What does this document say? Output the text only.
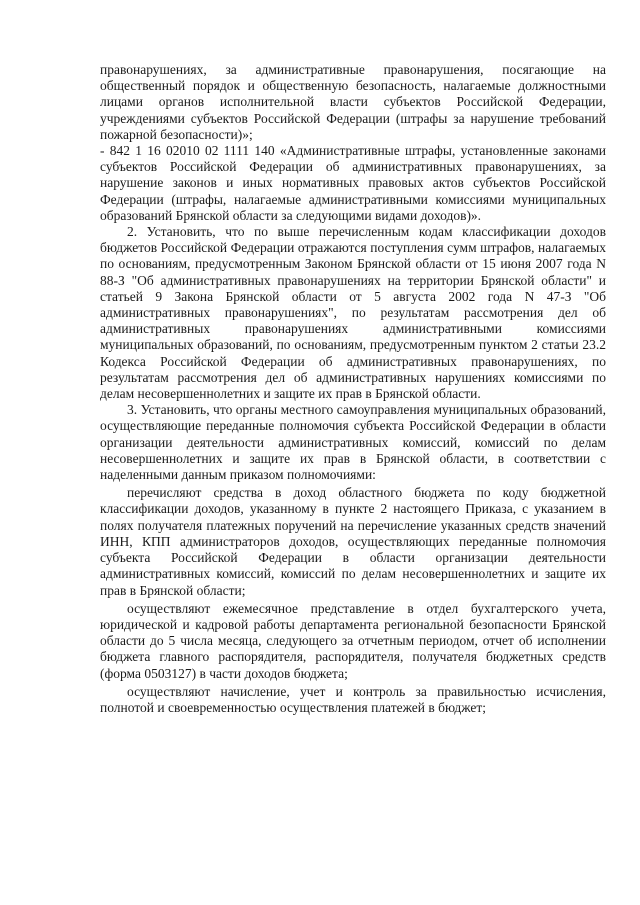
правонарушениях, за административные правонарушения, посягающие на общественный порядок и общественную безопасность, налагаемые должностными лицами органов исполнительной власти субъектов Российской Федерации, учреждениями субъектов Российской Федерации (штрафы за нарушение требований пожарной безопасности)»;

- 842 1 16 02010 02 1111 140 «Административные штрафы, установленные законами субъектов Российской Федерации об административных правонарушениях, за нарушение законов и иных нормативных правовых актов субъектов Российской Федерации (штрафы, налагаемые административными комиссиями муниципальных образований Брянской области за следующими видами доходов)».

2. Установить, что по выше перечисленным кодам классификации доходов бюджетов Российской Федерации отражаются поступления сумм штрафов, налагаемых по основаниям, предусмотренным Законом Брянской области от 15 июня 2007 года N 88-З "Об административных правонарушениях на территории Брянской области" и статьей 9 Закона Брянской области от 5 августа 2002 года N 47-З "Об административных правонарушениях", по результатам рассмотрения дел об административных правонарушениях административными комиссиями муниципальных образований, по основаниям, предусмотренным пунктом 2 статьи 23.2 Кодекса Российской Федерации об административных правонарушениях, по результатам рассмотрения дел об административных нарушениях комиссиями по делам несовершеннолетних и защите их прав в Брянской области.

3. Установить, что органы местного самоуправления муниципальных образований, осуществляющие переданные полномочия субъекта Российской Федерации в области организации деятельности административных комиссий, комиссий по делам несовершеннолетних и защите их прав в Брянской области, в соответствии с наделенными данным приказом полномочиями:

перечисляют средства в доход областного бюджета по коду бюджетной классификации доходов, указанному в пункте 2 настоящего Приказа, с указанием в полях получателя платежных поручений на перечисление указанных средств значений ИНН, КПП администраторов доходов, осуществляющих переданные полномочия субъекта Российской Федерации в области организации деятельности административных комиссий, комиссий по делам несовершеннолетних и защите их прав в Брянской области;

осуществляют ежемесячное представление в отдел бухгалтерского учета, юридической и кадровой работы департамента региональной безопасности Брянской области до 5 числа месяца, следующего за отчетным периодом, отчет об исполнении бюджета главного распорядителя, распорядителя, получателя бюджетных средств (форма 0503127) в части доходов бюджета;

осуществляют начисление, учет и контроль за правильностью исчисления, полнотой и своевременностью осуществления платежей в бюджет;
